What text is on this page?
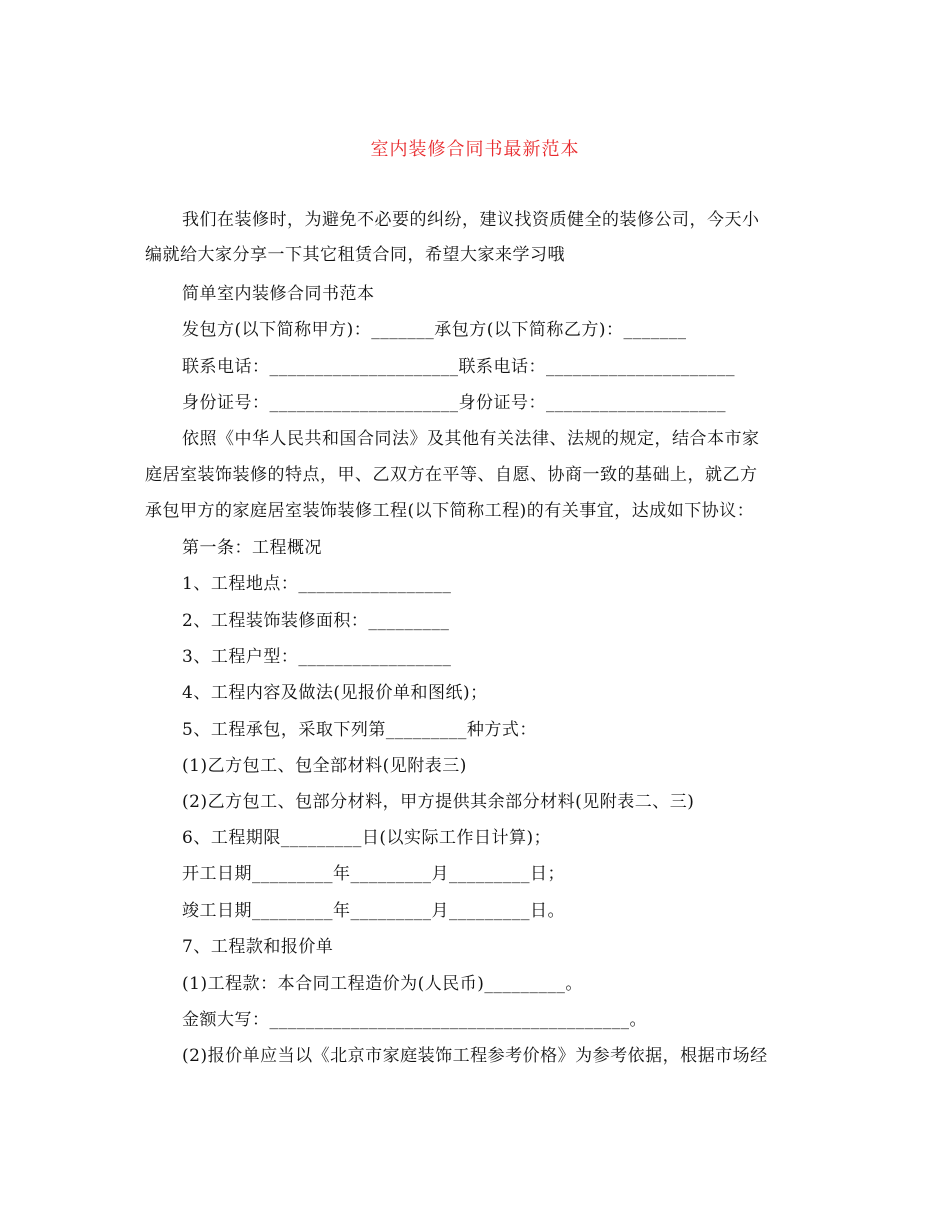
室内装修合同书最新范本
我们在装修时，为避免不必要的纠纷，建议找资质健全的装修公司，今天小
编就给大家分享一下其它租赁合同，希望大家来学习哦
简单室内装修合同书范本
发包方(以下简称甲方)：_______承包方(以下简称乙方)：_______
联系电话：_____________________联系电话：_____________________
身份证号：_____________________身份证号：____________________
依照《中华人民共和国合同法》及其他有关法律、法规的规定，结合本市家
庭居室装饰装修的特点，甲、乙双方在平等、自愿、协商一致的基础上，就乙方
承包甲方的家庭居室装饰装修工程(以下简称工程)的有关事宜，达成如下协议：
第一条：工程概况
1、工程地点：_________________
2、工程装饰装修面积：_________
3、工程户型：_________________
4、工程内容及做法(见报价单和图纸)；
5、工程承包，采取下列第_________种方式：
(1)乙方包工、包全部材料(见附表三)
(2)乙方包工、包部分材料，甲方提供其余部分材料(见附表二、三)
6、工程期限_________日(以实际工作日计算)；
开工日期_________年_________月_________日；
竣工日期_________年_________月_________日。
7、工程款和报价单
(1)工程款：本合同工程造价为(人民币)_________。
金额大写：________________________________________。
(2)报价单应当以《北京市家庭装饰工程参考价格》为参考依据，根据市场经
